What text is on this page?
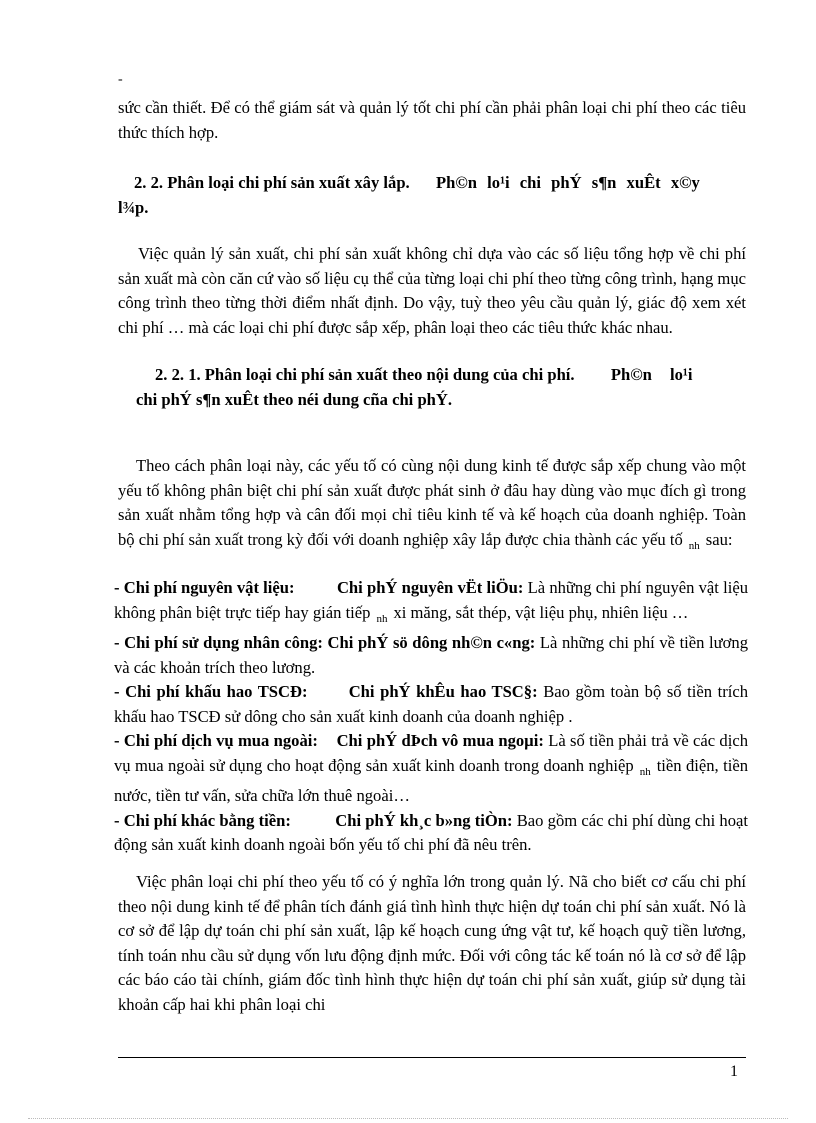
-

sức cần thiết. Để có thể giám sát và quản lý tốt chi phí cần phải phân loại chi phí theo các tiêu thức thích hợp.

2. 2. Phân loại chi phí sản xuất xây lắp. Ph©n lo¹i chi phÝ s¶n xuÊt x©y
l¾p.

Việc quản lý sản xuất, chi phí sản xuất không chỉ dựa vào các số liệu tổng hợp về chi phí sản xuất mà còn căn cứ vào số liệu cụ thể của từng loại chi phí theo từng công trình, hạng mục công trình theo từng thời điểm nhất định. Do vậy, tuỳ theo yêu cầu quản lý, giác độ xem xét chi phí … mà các loại chi phí được sắp xếp, phân loại theo các tiêu thức khác nhau.

2. 2. 1. Phân loại chi phí sản xuất theo nội dung của chi phí. Ph©n lo¹i
chi phÝ s¶n xuÊt theo néi dung cña chi phÝ.

Theo cách phân loại này, các yếu tố có cùng nội dung kinh tế được sắp xếp chung vào một yếu tố không phân biệt chi phí sản xuất được phát sinh ở đâu hay dùng vào mục đích gì trong sản xuất nhằm tổng hợp và cân đối mọi chỉ tiêu kinh tế và kế hoạch của doanh nghiệp. Toàn bộ chi phí sản xuất trong kỳ đối với doanh nghiệp xây lắp được chia thành các yếu tố $_{nh}$ sau:

- Chi phí nguyên vật liệu:	Chi phÝ nguyên vËt liÖu: Là những chi phí nguyên vật liệu không phân biệt trực tiếp hay gián tiếp $_{nh}$ xi măng, sắt thép, vật liệu phụ, nhiên liệu …
- Chi phí sử dụng nhân công: Chi phÝ sö dông nh©n c«ng: Là những chi phí về tiền lương và các khoản trích theo lương.
- Chi phí khấu hao TSCĐ: Chi phÝ khÊu hao TSC§: Bao gồm toàn bộ số tiền trích khấu hao TSCĐ sử dông cho sản xuất kinh doanh của doanh nghiệp .
- Chi phí dịch vụ mua ngoài: Chi phÝ dÞch vô mua ngoµi: Là số tiền phải trả về các dịch vụ mua ngoài sử dụng cho hoạt động sản xuất kinh doanh trong doanh nghiệp $_{nh}$ tiền điện, tiền nước, tiền tư vấn, sửa chữa lớn thuê ngoài…
- Chi phí khác bằng tiền:	Chi phÝ kh¸c b»ng tiÒn: Bao gồm các chi phí dùng chi hoạt động sản xuất kinh doanh ngoài bốn yếu tố chi phí đã nêu trên.

Việc phân loại chi phí theo yếu tố có ý nghĩa lớn trong quản lý. Nã cho biết cơ cấu chi phí theo nội dung kinh tế để phân tích đánh giá tình hình thực hiện dự toán chi phí sản xuất. Nó là cơ sở để lập dự toán chi phí sản xuất, lập kế hoạch cung ứng vật tư, kế hoạch quỹ tiền lương, tính toán nhu cầu sử dụng vốn lưu động định mức. Đối với công tác kế toán nó là cơ sở để lập các báo cáo tài chính, giám đốc tình hình thực hiện dự toán chi phí sản xuất, giúp sử dụng tài khoản cấp hai khi phân loại chi

1
